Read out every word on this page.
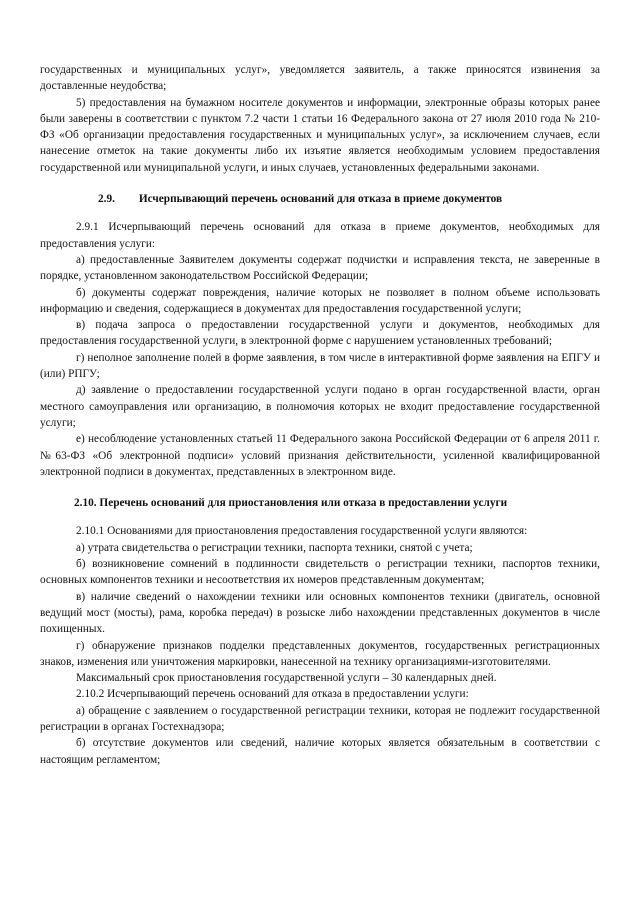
государственных и муниципальных услуг», уведомляется заявитель, а также приносятся извинения за доставленные неудобства;

5) предоставления на бумажном носителе документов и информации, электронные образы которых ранее были заверены в соответствии с пунктом 7.2 части 1 статьи 16 Федерального закона от 27 июля 2010 года № 210-ФЗ «Об организации предоставления государственных и муниципальных услуг», за исключением случаев, если нанесение отметок на такие документы либо их изъятие является необходимым условием предоставления государственной или муниципальной услуги, и иных случаев, установленных федеральными законами.

2.9. Исчерпывающий перечень оснований для отказа в приеме документов

2.9.1 Исчерпывающий перечень оснований для отказа в приеме документов, необходимых для предоставления услуги:

а) предоставленные Заявителем документы содержат подчистки и исправления текста, не заверенные в порядке, установленном законодательством Российской Федерации;

б) документы содержат повреждения, наличие которых не позволяет в полном объеме использовать информацию и сведения, содержащиеся в документах для предоставления государственной услуги;

в) подача запроса о предоставлении государственной услуги и документов, необходимых для предоставления государственной услуги, в электронной форме с нарушением установленных требований;

г) неполное заполнение полей в форме заявления, в том числе в интерактивной форме заявления на ЕПГУ и (или) РПГУ;

д) заявление о предоставлении государственной услуги подано в орган государственной власти, орган местного самоуправления или организацию, в полномочия которых не входит предоставление государственной услуги;

е) несоблюдение установленных статьей 11 Федерального закона Российской Федерации от 6 апреля 2011 г. №63-ФЗ «Об электронной подписи» условий признания действительности, усиленной квалифицированной электронной подписи в документах, представленных в электронном виде.

2.10. Перечень оснований для приостановления или отказа в предоставлении услуги

2.10.1 Основаниями для приостановления предоставления государственной услуги являются:

а) утрата свидетельства о регистрации техники, паспорта техники, снятой с учета;

б) возникновение сомнений в подлинности свидетельств о регистрации техники, паспортов техники, основных компонентов техники и несоответствия их номеров представленным документам;

в) наличие сведений о нахождении техники или основных компонентов техники (двигатель, основной ведущий мост (мосты), рама, коробка передач) в розыске либо нахождении представленных документов в числе похищенных.

г) обнаружение признаков подделки представленных документов, государственных регистрационных знаков, изменения или уничтожения маркировки, нанесенной на технику организациями-изготовителями.

Максимальный срок приостановления государственной услуги – 30 календарных дней.

2.10.2 Исчерпывающий перечень оснований для отказа в предоставлении услуги:

а) обращение с заявлением о государственной регистрации техники, которая не подлежит государственной регистрации в органах Гостехнадзора;

б) отсутствие документов или сведений, наличие которых является обязательным в соответствии с настоящим регламентом;
